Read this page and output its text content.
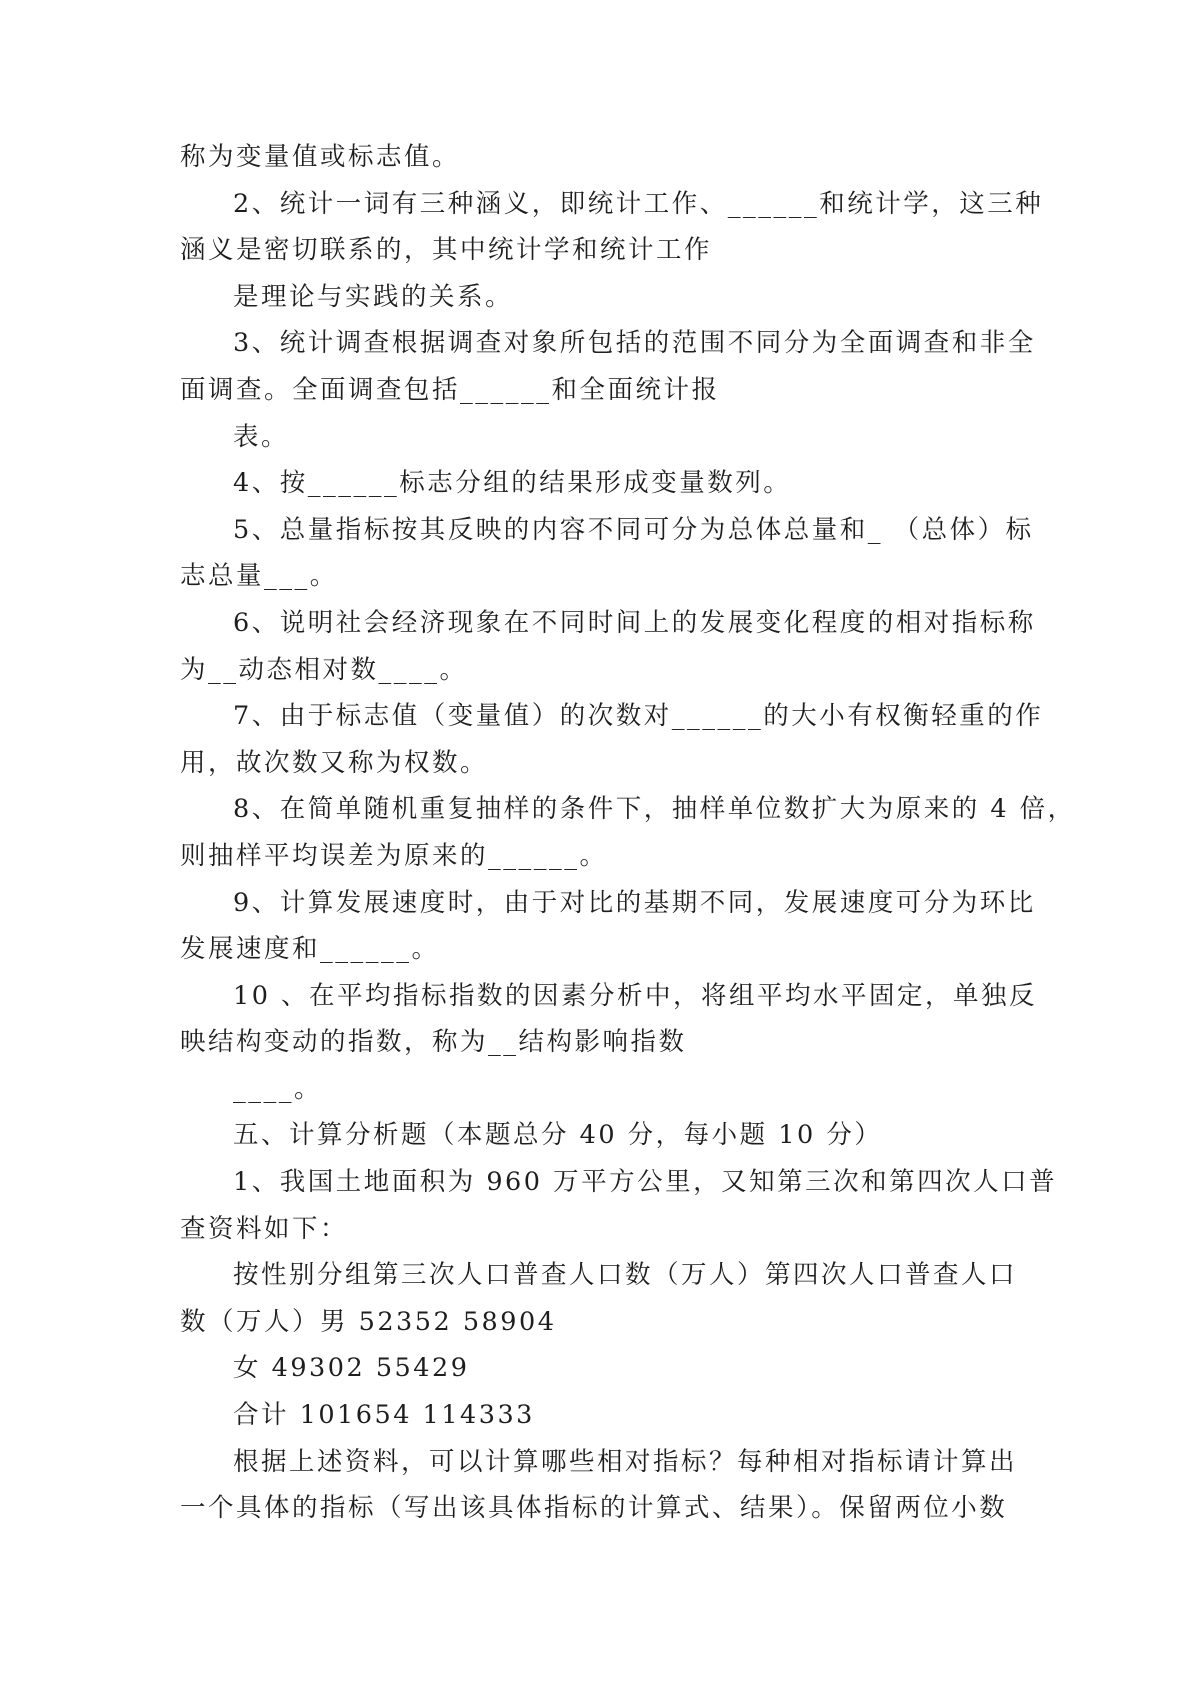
称为变量值或标志值。
2、统计一词有三种涵义，即统计工作、______和统计学，这三种
涵义是密切联系的，其中统计学和统计工作
是理论与实践的关系。
3、统计调查根据调查对象所包括的范围不同分为全面调查和非全
面调查。全面调查包括______和全面统计报
表。
4、按______标志分组的结果形成变量数列。
5、总量指标按其反映的内容不同可分为总体总量和_ （总体）标
志总量___。
6、说明社会经济现象在不同时间上的发展变化程度的相对指标称
为__动态相对数____。
7、由于标志值（变量值）的次数对______的大小有权衡轻重的作
用，故次数又称为权数。
8、在简单随机重复抽样的条件下，抽样单位数扩大为原来的 4 倍，
则抽样平均误差为原来的______。
9、计算发展速度时，由于对比的基期不同，发展速度可分为环比
发展速度和______。
10 、在平均指标指数的因素分析中，将组平均水平固定，单独反
映结构变动的指数，称为__结构影响指数
____。
五、计算分析题（本题总分 40 分，每小题 10 分）
1、我国土地面积为 960 万平方公里，又知第三次和第四次人口普
查资料如下：
按性别分组第三次人口普查人口数（万人）第四次人口普查人口
数（万人）男 52352 58904
女 49302 55429
合计 101654 114333
根据上述资料，可以计算哪些相对指标？每种相对指标请计算出
一个具体的指标（写出该具体指标的计算式、结果）。保留两位小数
